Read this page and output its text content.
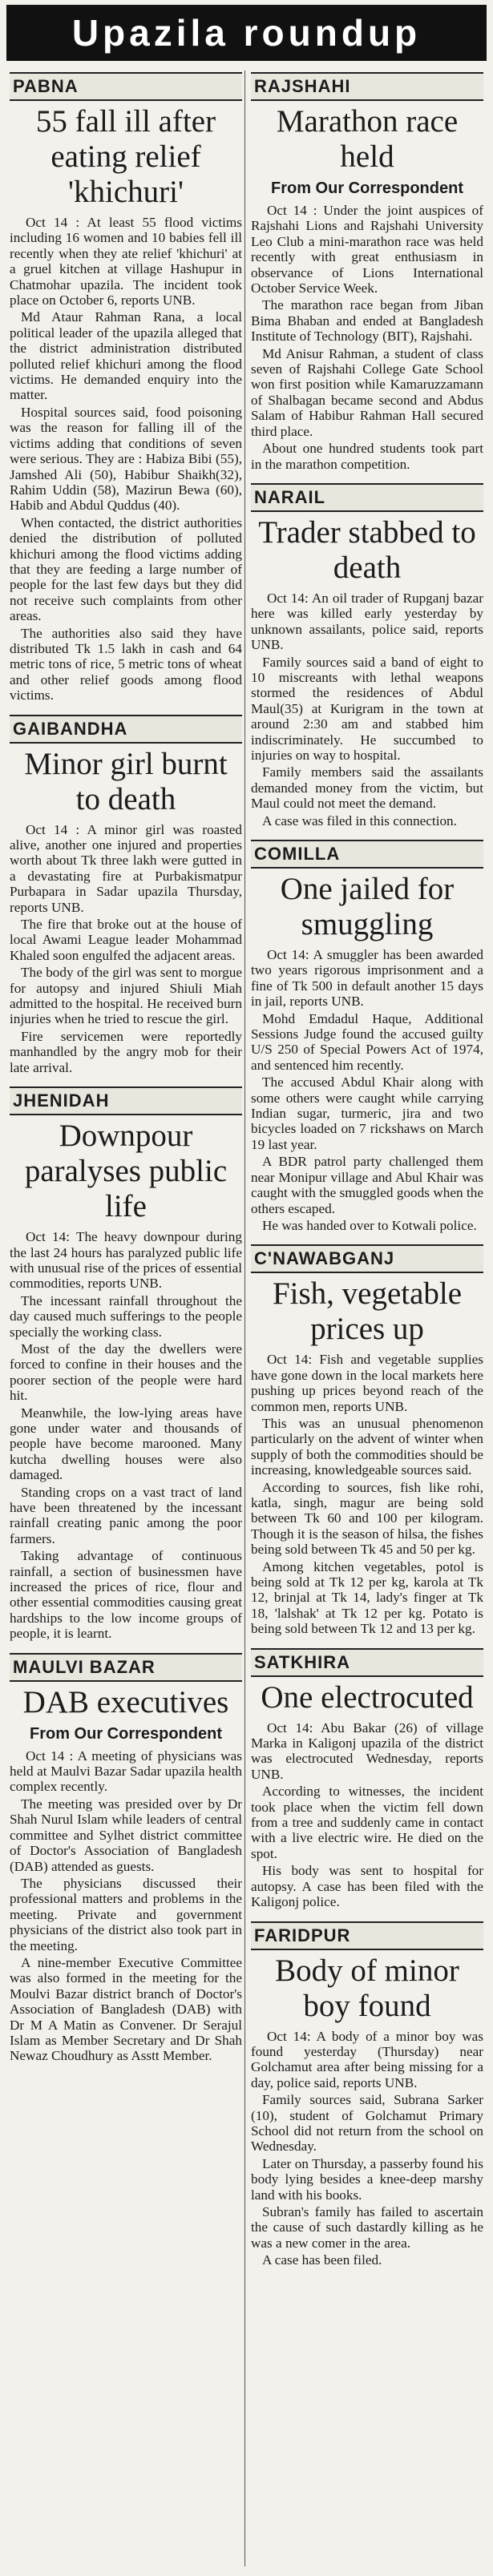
Upazila roundup
PABNA
55 fall ill after eating relief 'khichuri'

Oct 14 : At least 55 flood victims including 16 women and 10 babies fell ill recently when they ate relief 'khichuri' at a gruel kitchen at village Hashupur in Chatmohar upazila. The incident took place on October 6, reports UNB.

Md Ataur Rahman Rana, a local political leader of the upazila alleged that the district administration distributed polluted relief khichuri among the flood victims. He demanded enquiry into the matter.

Hospital sources said, food poisoning was the reason for falling ill of the victims adding that conditions of seven were serious. They are : Habiza Bibi (55), Jamshed Ali (50), Habibur Shaikh(32), Rahim Uddin (58), Mazirun Bewa (60), Habib and Abdul Quddus (40).

When contacted, the district authorities denied the distribution of polluted khichuri among the flood victims adding that they are feeding a large number of people for the last few days but they did not receive such complaints from other areas.

The authorities also said they have distributed Tk 1.5 lakh in cash and 64 metric tons of rice, 5 metric tons of wheat and other relief goods among flood victims.

GAIBANDHA
Minor girl burnt to death

Oct 14 : A minor girl was roasted alive, another one injured and properties worth about Tk three lakh were gutted in a devastating fire at Purbakismatpur Purbapara in Sadar upazila Thursday, reports UNB.

The fire that broke out at the house of local Awami League leader Mohammad Khaled soon engulfed the adjacent areas.

The body of the girl was sent to morgue for autopsy and injured Shiuli Miah admitted to the hospital. He received burn injuries when he tried to rescue the girl.

Fire servicemen were reportedly manhandled by the angry mob for their late arrival.

JHENIDAH
Downpour paralyses public life

Oct 14: The heavy downpour during the last 24 hours has paralyzed public life with unusual rise of the prices of essential commodities, reports UNB.

The incessant rainfall throughout the day caused much sufferings to the people specially the working class.

Most of the day the dwellers were forced to confine in their houses and the poorer section of the people were hard hit.

Meanwhile, the low-lying areas have gone under water and thousands of people have become marooned. Many kutcha dwelling houses were also damaged.

Standing crops on a vast tract of land have been threatened by the incessant rainfall creating panic among the poor farmers.

Taking advantage of continuous rainfall, a section of businessmen have increased the prices of rice, flour and other essential commodities causing great hardships to the low income groups of people, it is learnt.

MAULVI BAZAR
DAB executives
From Our Correspondent

Oct 14 : A meeting of physicians was held at Maulvi Bazar Sadar upazila health complex recently.

The meeting was presided over by Dr Shah Nurul Islam while leaders of central committee and Sylhet district committee of Doctor's Association of Bangladesh (DAB) attended as guests.

The physicians discussed their professional matters and problems in the meeting. Private and government physicians of the district also took part in the meeting.

A nine-member Executive Committee was also formed in the meeting for the Moulvi Bazar district branch of Doctor's Association of Bangladesh (DAB) with Dr M A Matin as Convener. Dr Serajul Islam as Member Secretary and Dr Shah Newaz Choudhury as Asstt Member.

RAJSHAHI
Marathon race held
From Our Correspondent

Oct 14 : Under the joint auspices of Rajshahi Lions and Rajshahi University Leo Club a mini-marathon race was held recently with great enthusiasm in observance of Lions International October Service Week.

The marathon race began from Jiban Bima Bhaban and ended at Bangladesh Institute of Technology (BIT), Rajshahi.

Md Anisur Rahman, a student of class seven of Rajshahi College Gate School won first position while Kamaruzzamann of Shalbagan became second and Abdus Salam of Habibur Rahman Hall secured third place.

About one hundred students took part in the marathon competition.

NARAIL
Trader stabbed to death

Oct 14: An oil trader of Rupganj bazar here was killed early yesterday by unknown assailants, police said, reports UNB.

Family sources said a band of eight to 10 miscreants with lethal weapons stormed the residences of Abdul Maul(35) at Kurigram in the town at around 2:30 am and stabbed him indiscriminately. He succumbed to injuries on way to hospital.

Family members said the assailants demanded money from the victim, but Maul could not meet the demand.

A case was filed in this connection.

COMILLA
One jailed for smuggling

Oct 14: A smuggler has been awarded two years rigorous imprisonment and a fine of Tk 500 in default another 15 days in jail, reports UNB.

Mohd Emdadul Haque, Additional Sessions Judge found the accused guilty U/S 250 of Special Powers Act of 1974, and sentenced him recently.

The accused Abdul Khair along with some others were caught while carrying Indian sugar, turmeric, jira and two bicycles loaded on 7 rickshaws on March 19 last year.

A BDR patrol party challenged them near Monipur village and Abul Khair was caught with the smuggled goods when the others escaped.

He was handed over to Kotwali police.

C'NAWABGANJ
Fish, vegetable prices up

Oct 14: Fish and vegetable supplies have gone down in the local markets here pushing up prices beyond reach of the common men, reports UNB.

This was an unusual phenomenon particularly on the advent of winter when supply of both the commodities should be increasing, knowledgeable sources said.

According to sources, fish like rohi, katla, singh, magur are being sold between Tk 60 and 100 per kilogram. Though it is the season of hilsa, the fishes being sold between Tk 45 and 50 per kg.

Among kitchen vegetables, potol is being sold at Tk 12 per kg, karola at Tk 12, brinjal at Tk 14, lady's finger at Tk 18, 'lalshak' at Tk 12 per kg. Potato is being sold between Tk 12 and 13 per kg.

SATKHIRA
One electrocuted

Oct 14: Abu Bakar (26) of village Marka in Kaligonj upazila of the district was electrocuted Wednesday, reports UNB.

According to witnesses, the incident took place when the victim fell down from a tree and suddenly came in contact with a live electric wire. He died on the spot.

His body was sent to hospital for autopsy. A case has been filed with the Kaligonj police.

FARIDPUR
Body of minor boy found

Oct 14: A body of a minor boy was found yesterday (Thursday) near Golchamut area after being missing for a day, police said, reports UNB.

Family sources said, Subrana Sarker (10), student of Golchamut Primary School did not return from the school on Wednesday.

Later on Thursday, a passerby found his body lying besides a knee-deep marshy land with his books.

Subran's family has failed to ascertain the cause of such dastardly killing as he was a new comer in the area.

A case has been filed.
